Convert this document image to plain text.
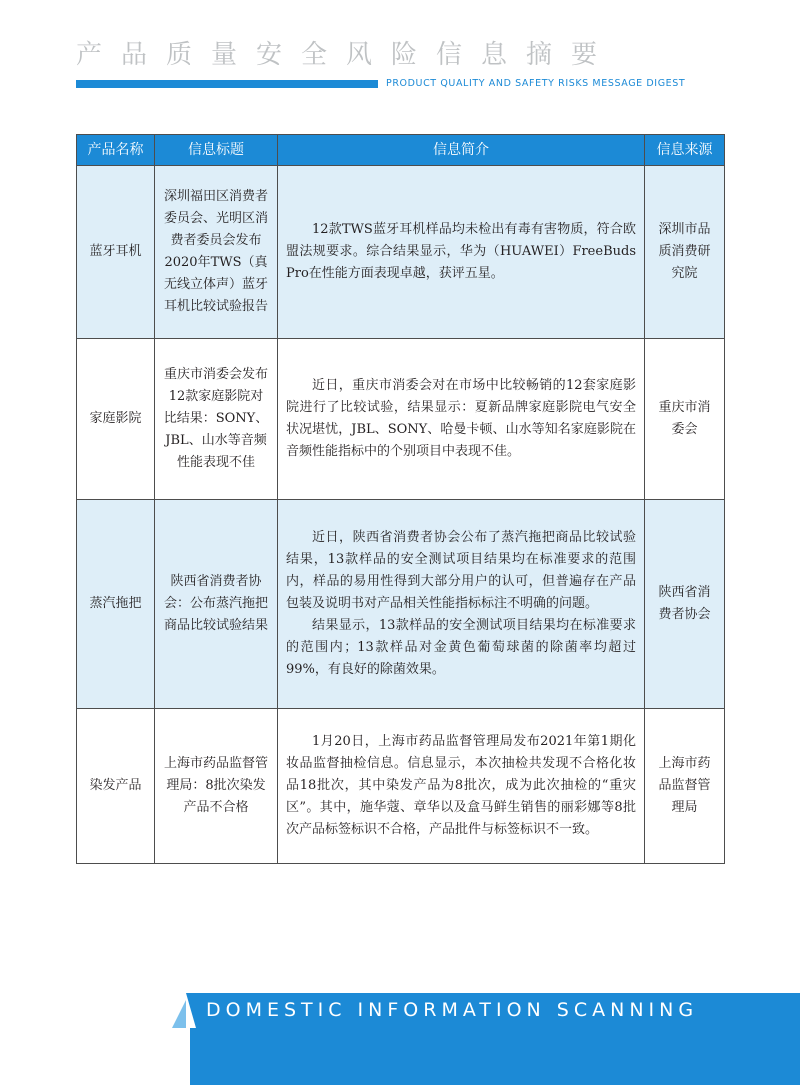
产品质量安全风险信息摘要
PRODUCT QUALITY AND SAFETY RISKS MESSAGE DIGEST
产品名称	信息标题	信息简介	信息来源
蓝牙耳机	深圳福田区消费者委员会、光明区消费者委员会发布2020年TWS（真无线立体声）蓝牙耳机比较试验报告	12款TWS蓝牙耳机样品均未检出有毒有害物质，符合欧盟法规要求。综合结果显示，华为（HUAWEI）FreeBuds Pro在性能方面表现卓越，获评五星。	深圳市品质消费研究院
家庭影院	重庆市消委会发布12款家庭影院对比结果：SONY、JBL、山水等音频性能表现不佳	近日，重庆市消委会对在市场中比较畅销的12套家庭影院进行了比较试验，结果显示：夏新品牌家庭影院电气安全状况堪忧，JBL、SONY、哈曼卡顿、山水等知名家庭影院在音频性能指标中的个别项目中表现不佳。	重庆市消委会
蒸汽拖把	陕西省消费者协会：公布蒸汽拖把商品比较试验结果	近日，陕西省消费者协会公布了蒸汽拖把商品比较试验结果，13款样品的安全测试项目结果均在标准要求的范围内，样品的易用性得到大部分用户的认可，但普遍存在产品包装及说明书对产品相关性能指标标注不明确的问题。

结果显示，13款样品的安全测试项目结果均在标准要求的范围内；13款样品对金黄色葡萄球菌的除菌率均超过99%，有良好的除菌效果。	陕西省消费者协会
染发产品	上海市药品监督管理局：8批次染发产品不合格	1月20日，上海市药品监督管理局发布2021年第1期化妆品监督抽检信息。信息显示，本次抽检共发现不合格化妆品18批次，其中染发产品为8批次，成为此次抽检的“重灾区”。其中，施华蔻、章华以及盒马鲜生销售的丽彩娜等8批次产品标签标识不合格，产品批件与标签标识不一致。	上海市药品监督管理局
DOMESTIC INFORMATION SCANNING
05 国内信息扫描
